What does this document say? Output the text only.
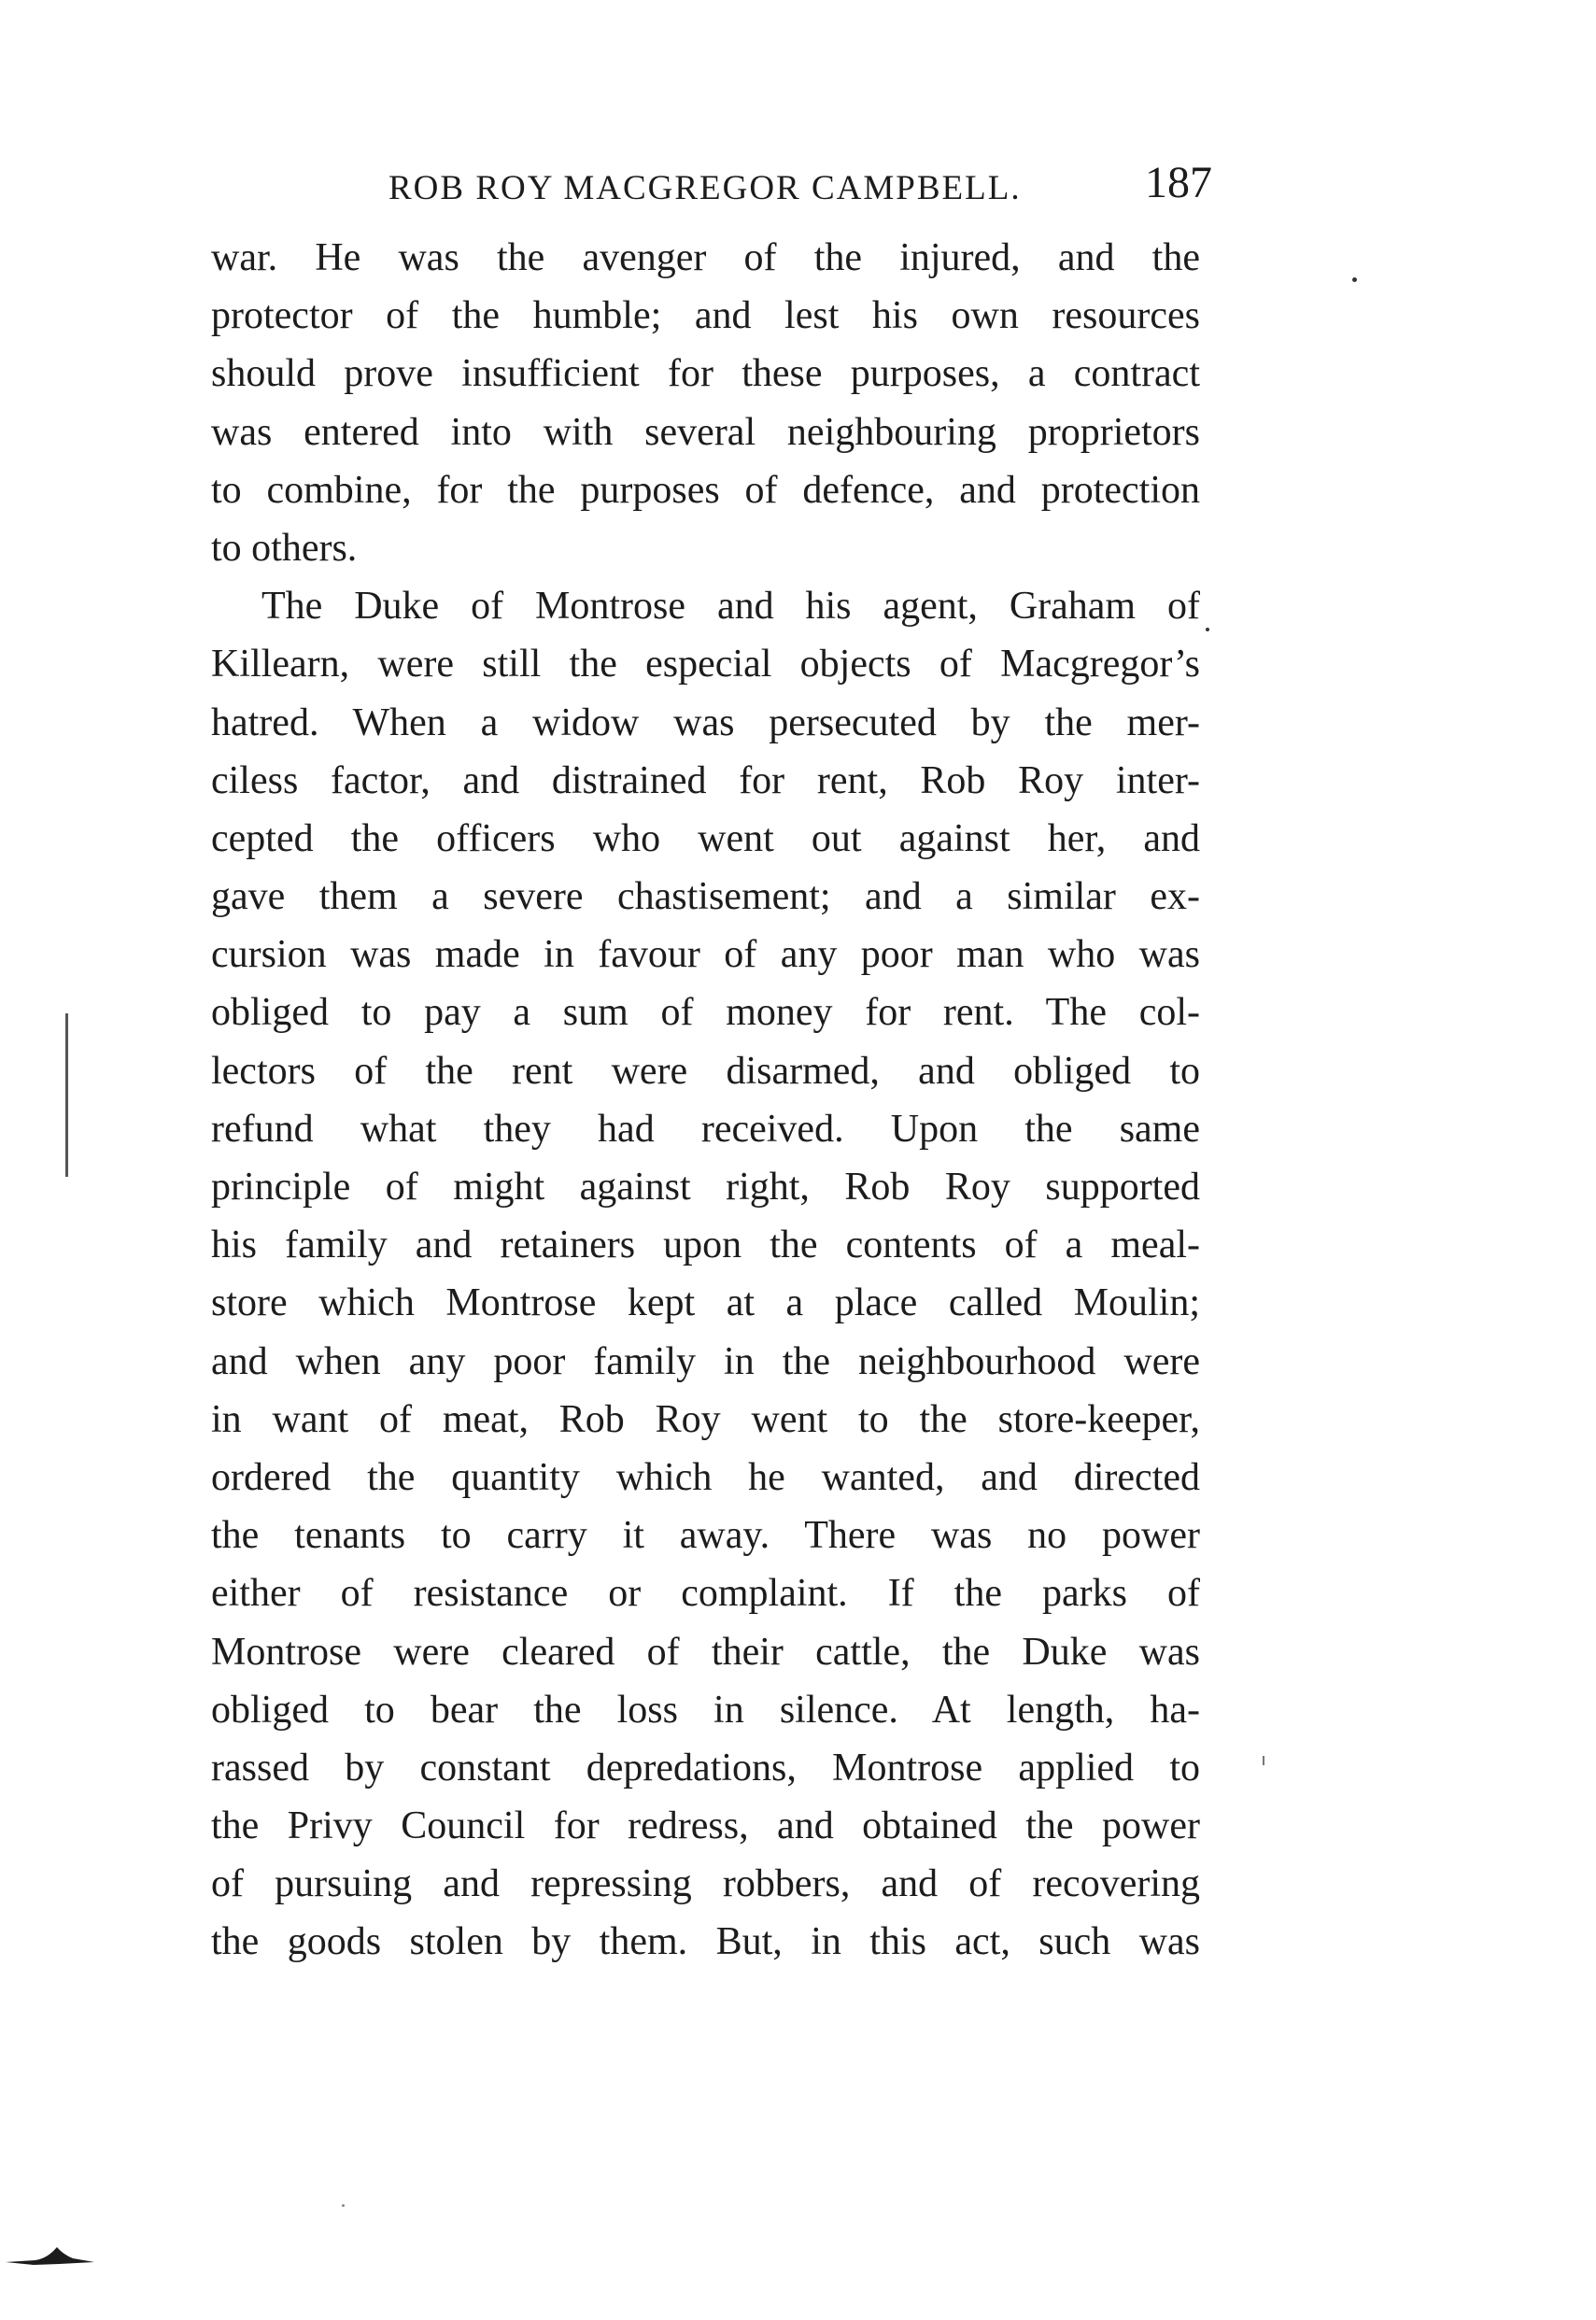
ROB ROY MACGREGOR CAMPBELL.	187
war. He was the avenger of the injured, and the
protector of the humble; and lest his own resources
should prove insufficient for these purposes, a contract
was entered into with several neighbouring proprietors
to combine, for the purposes of defence, and protection
to others.
The Duke of Montrose and his agent, Graham of
Killearn, were still the especial objects of Macgregor’s
hatred. When a widow was persecuted by the mer-
ciless factor, and distrained for rent, Rob Roy inter-
cepted the officers who went out against her, and
gave them a severe chastisement; and a similar ex-
cursion was made in favour of any poor man who was
obliged to pay a sum of money for rent. The col-
lectors of the rent were disarmed, and obliged to
refund what they had received. Upon the same
principle of might against right, Rob Roy supported
his family and retainers upon the contents of a meal-
store which Montrose kept at a place called Moulin;
and when any poor family in the neighbourhood were
in want of meat, Rob Roy went to the store-keeper,
ordered the quantity which he wanted, and directed
the tenants to carry it away. There was no power
either of resistance or complaint. If the parks of
Montrose were cleared of their cattle, the Duke was
obliged to bear the loss in silence. At length, ha-
rassed by constant depredations, Montrose applied to
the Privy Council for redress, and obtained the power
of pursuing and repressing robbers, and of recovering
the goods stolen by them. But, in this act, such was
